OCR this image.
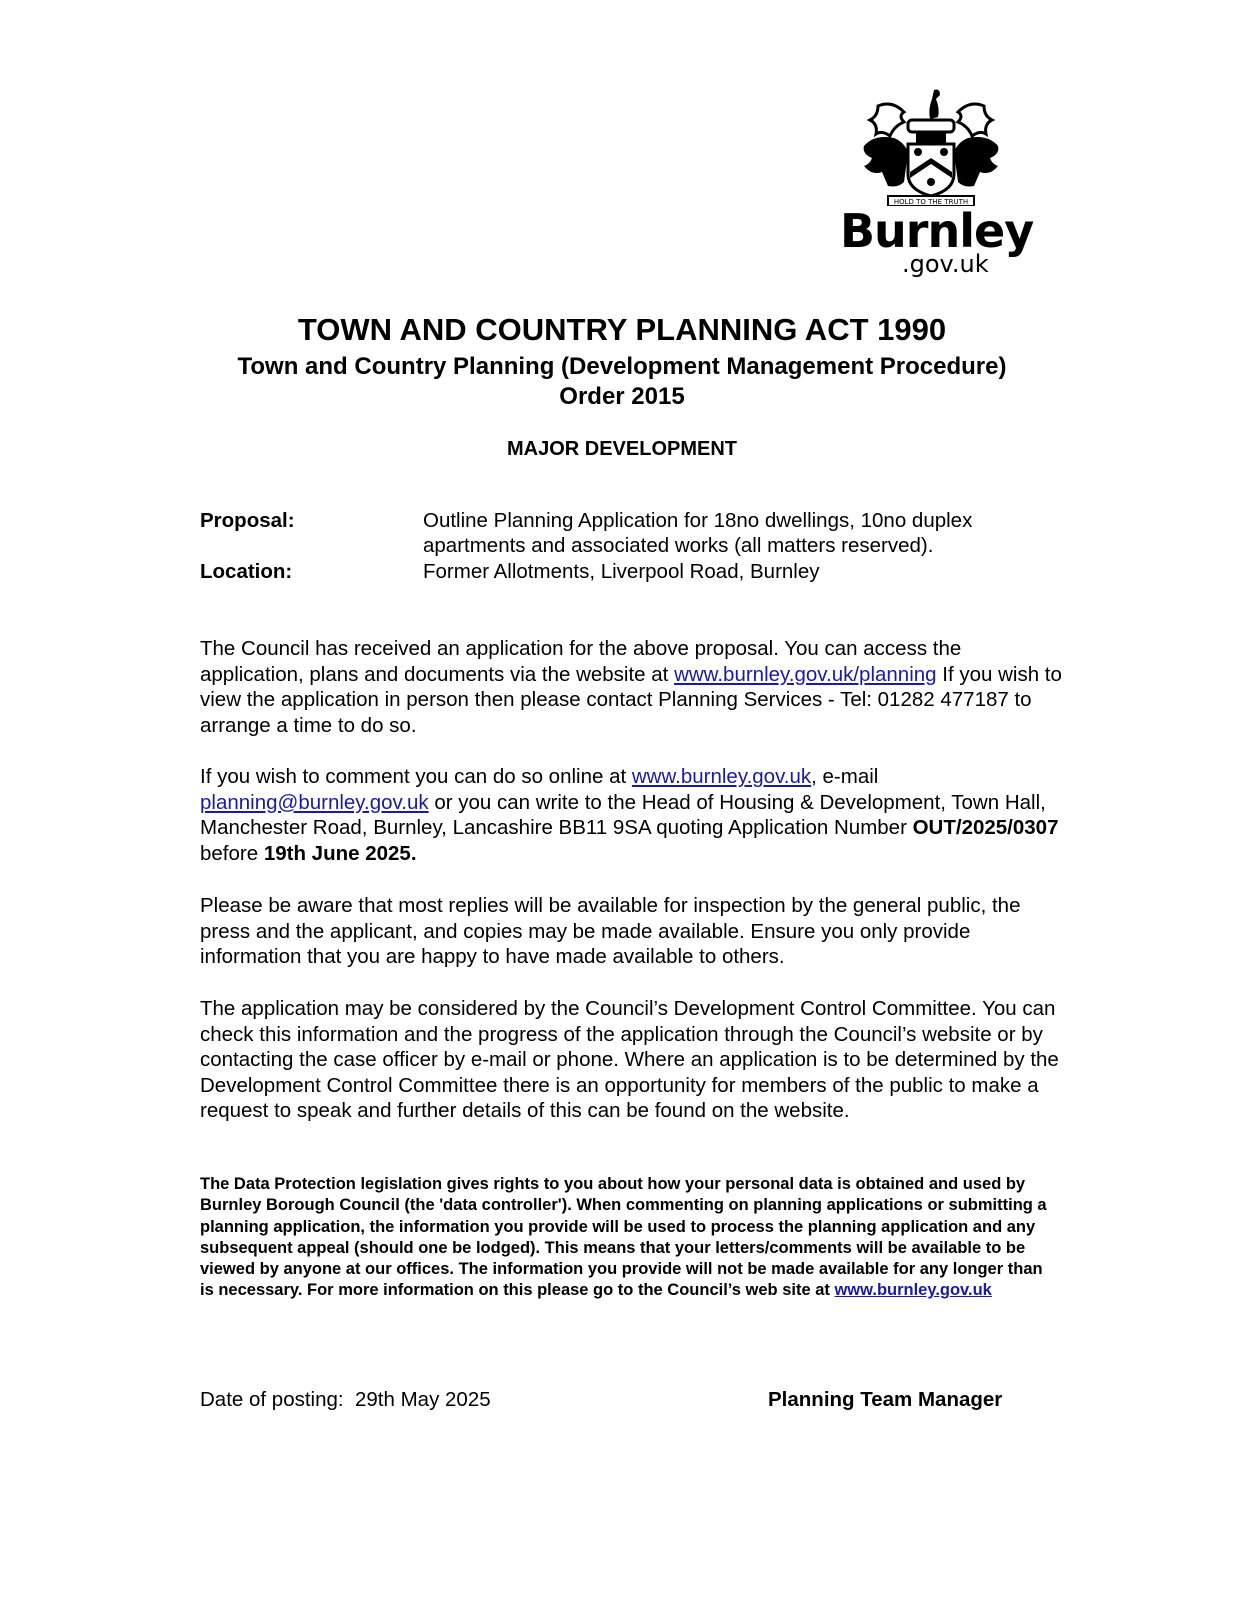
HOLD TO THE TRUTH
Burnley
.gov.uk
TOWN AND COUNTRY PLANNING ACT 1990
Town and Country Planning (Development Management Procedure)
Order 2015
MAJOR DEVELOPMENT
Proposal:	Outline Planning Application for 18no dwellings, 10no duplex
apartments and associated works (all matters reserved).
Location:	Former Allotments, Liverpool Road, Burnley
The Council has received an application for the above proposal. You can access the application, plans and documents via the website at www.burnley.gov.uk/planning If you wish to view the application in person then please contact Planning Services - Tel: 01282 477187 to arrange a time to do so.
If you wish to comment you can do so online at www.burnley.gov.uk, e-mail planning@burnley.gov.uk or you can write to the Head of Housing & Development, Town Hall, Manchester Road, Burnley, Lancashire BB11 9SA quoting Application Number OUT/2025/0307 before 19th June 2025.
Please be aware that most replies will be available for inspection by the general public, the press and the applicant, and copies may be made available. Ensure you only provide information that you are happy to have made available to others.
The application may be considered by the Council’s Development Control Committee. You can check this information and the progress of the application through the Council’s website or by contacting the case officer by e-mail or phone. Where an application is to be determined by the Development Control Committee there is an opportunity for members of the public to make a request to speak and further details of this can be found on the website.
The Data Protection legislation gives rights to you about how your personal data is obtained and used by Burnley Borough Council (the 'data controller'). When commenting on planning applications or submitting a planning application, the information you provide will be used to process the planning application and any subsequent appeal (should one be lodged). This means that your letters/comments will be available to be viewed by anyone at our offices. The information you provide will not be made available for any longer than is necessary. For more information on this please go to the Council’s web site at www.burnley.gov.uk
Date of posting: 29th May 2025	Planning Team Manager
